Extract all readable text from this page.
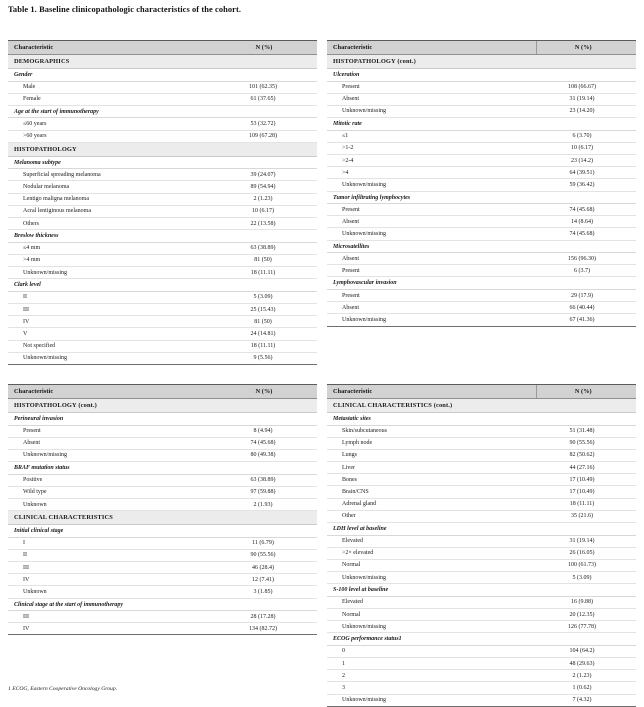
Table 1. Baseline clinicopathologic characteristics of the cohort.
Characteristic	N (%)
DEMOGRAPHICS	
Gender	
Male	101 (62.35)
Female	61 (37.65)
Age at the start of immunotherapy	
≤60 years	53 (32.72)
>60 years	109 (67.28)
HISTOPATHOLOGY	
Melanoma subtype	
Superficial spreading melanoma	39 (24.07)
Nodular melanoma	89 (54.94)
Lentigo maligna melanoma	2 (1.23)
Acral lentiginous melanoma	10 (6.17)
Others	22 (13.58)
Breslow thickness	
≤4 mm	63 (38.89)
>4 mm	81 (50)
Unknown/missing	18 (11.11)
Clark level	
II	5 (3.09)
III	25 (15.43)
IV	81 (50)
V	24 (14.81)
Not specified	18 (11.11)
Unknown/missing	9 (5.56)

Characteristic	N (%)
HISTOPATHOLOGY (cont.)	
Ulceration	
Present	108 (66.67)
Absent	31 (19.14)
Unknown/missing	23 (14.20)
Mitotic rate	
≤1	6 (3.70)
>1-2	10 (6.17)
>2-4	23 (14.2)
>4	64 (39.51)
Unknown/missing	59 (36.42)
Tumor infiltrating lymphocytes	
Present	74 (45.68)
Absent	14 (8.64)
Unknown/missing	74 (45.68)
Microsatellites	
Absent	156 (96.30)
Present	6 (3.7)
Lymphovascular invasion	
Present	29 (17.9)
Absent	66 (40.44)
Unknown/missing	67 (41.36)

Characteristic	N (%)
HISTOPATHOLOGY (cont.)	
Perineural invasion	
Present	8 (4.94)
Absent	74 (45.68)
Unknown/missing	80 (49.38)
BRAF mutation status	
Positive	63 (38.89)
Wild type	97 (59.88)
Unknown	2 (1.93)
CLINICAL CHARACTERISTICS	
Initial clinical stage	
I	11 (6.79)
II	90 (55.56)
III	46 (28.4)
IV	12 (7.41)
Unknown	3 (1.85)
Clinical stage at the start of immunotherapy	
III	28 (17.28)
IV	134 (82.72)

Characteristic	N (%)
CLINICAL CHARACTERISTICS (cont.)	
Metastatic sites	
Skin/subcutaneous	51 (31.48)
Lymph node	90 (55.56)
Lungs	82 (50.62)
Liver	44 (27.16)
Bones	17 (10.49)
Brain/CNS	17 (10.49)
Adrenal gland	18 (11.11)
Other	35 (21.6)
LDH level at baseline	
Elevated	31 (19.14)
>2× elevated	26 (16.05)
Normal	100 (61.73)
Unknown/missing	5 (3.09)
S-100 level at baseline	
Elevated	16 (9.88)
Normal	20 (12.35)
Unknown/missing	126 (77.78)
ECOG performance status1	
0	104 (64.2)
1	48 (29.63)
2	2 (1.23)
3	1 (0.62)
Unknown/missing	7 (4.32)

1 ECOG, Eastern Cooperative Oncology Group.
